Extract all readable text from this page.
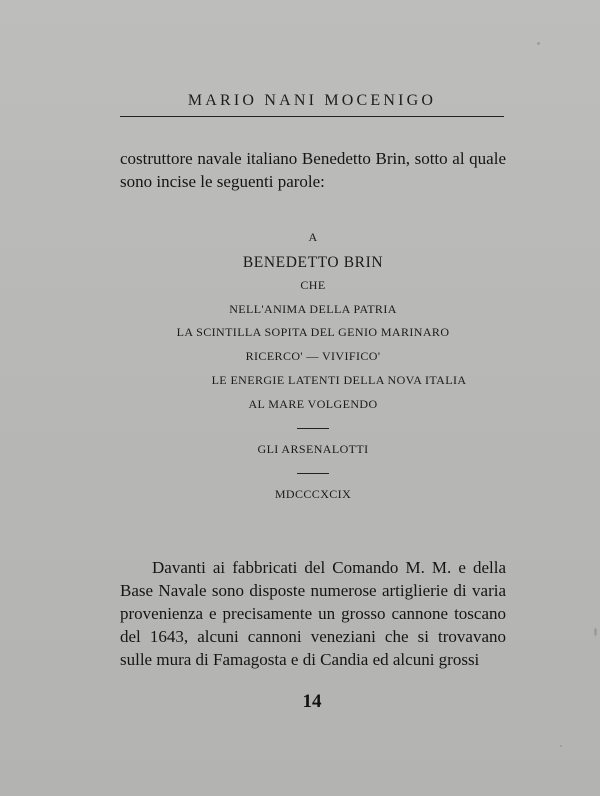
MARIO NANI MOCENIGO
costruttore navale italiano Benedetto Brin, sotto al quale sono incise le seguenti parole:
A
BENEDETTO BRIN
CHE
NELL'ANIMA DELLA PATRIA
LA SCINTILLA SOPITA DEL GENIO MARINARO
RICERCO' — VIVIFICO'
LE ENERGIE LATENTI DELLA NOVA ITALIA
AL MARE VOLGENDO
GLI ARSENALOTTI
MDCCCXCIX
Davanti ai fabbricati del Comando M. M. e della Base Navale sono disposte numerose artiglierie di varia provenienza e precisamente un grosso cannone toscano del 1643, alcuni cannoni veneziani che si trovavano sulle mura di Famagosta e di Candia ed alcuni grossi
14
